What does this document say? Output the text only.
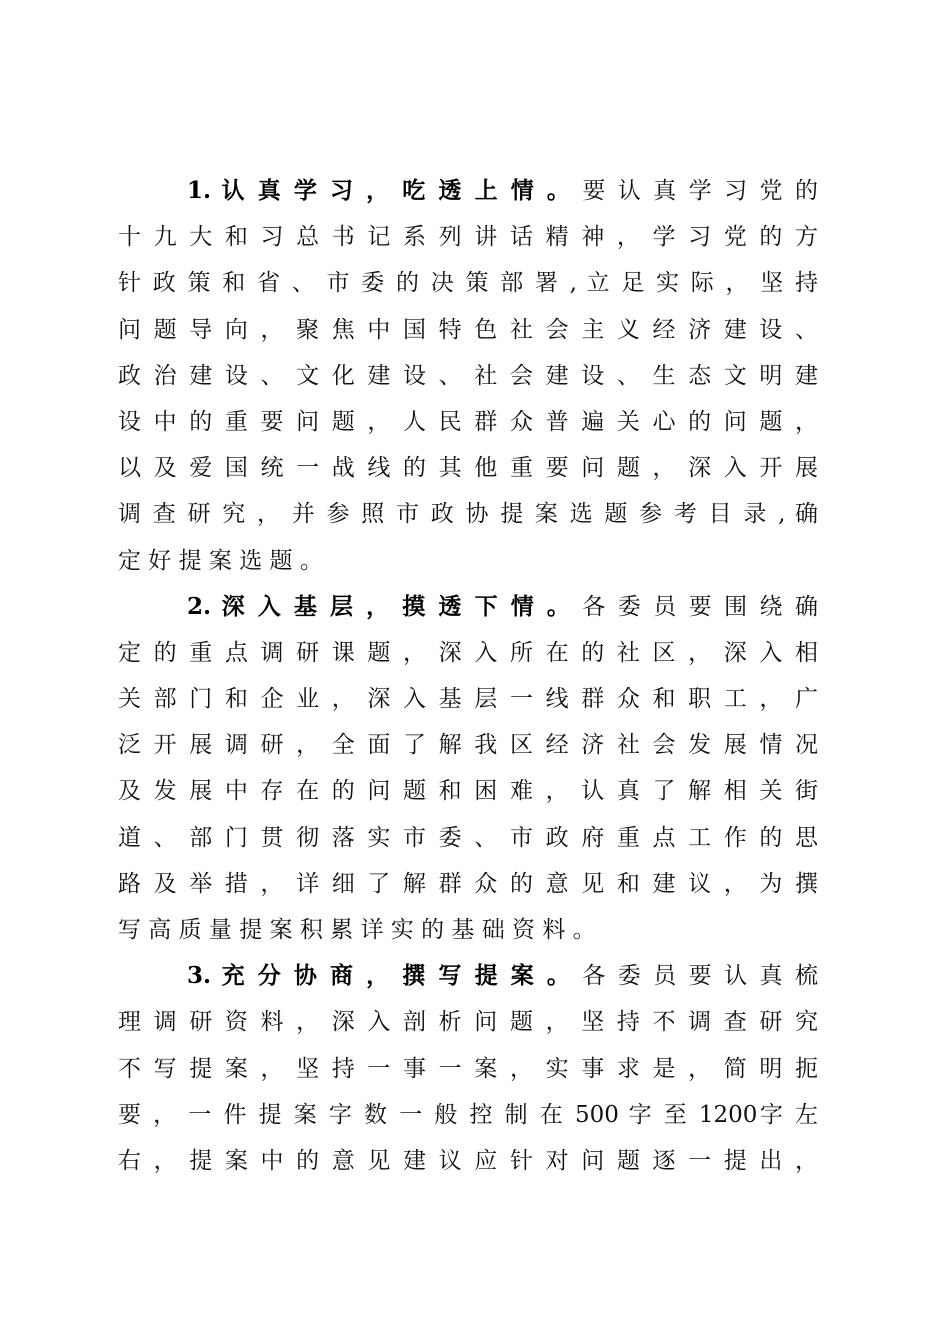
1. 认 真 学 习 ， 吃 透 上 情 。 要 认 真 学 习 党 的
十 九 大 和 习 总 书 记 系 列 讲 话 精 神 ， 学 习 党 的 方
针 政 策 和 省 、 市 委 的 决 策 部 署 , 立 足 实 际 ， 坚 持
问 题 导 向 ， 聚 焦 中 国 特 色 社 会 主 义 经 济 建 设 、
政 治 建 设 、 文 化 建 设 、 社 会 建 设 、 生 态 文 明 建
设 中 的 重 要 问 题 ， 人 民 群 众 普 遍 关 心 的 问 题 ，
以 及 爱 国 统 一 战 线 的 其 他 重 要 问 题 ， 深 入 开 展
调 查 研 究 ， 并 参 照 市 政 协 提 案 选 题 参 考 目 录 , 确
定 好 提 案 选 题 。
2. 深 入 基 层 ， 摸 透 下 情 。 各 委 员 要 围 绕 确
定 的 重 点 调 研 课 题 ， 深 入 所 在 的 社 区 ， 深 入 相
关 部 门 和 企 业 ， 深 入 基 层 一 线 群 众 和 职 工 ， 广
泛 开 展 调 研 ， 全 面 了 解 我 区 经 济 社 会 发 展 情 况
及 发 展 中 存 在 的 问 题 和 困 难 ， 认 真 了 解 相 关 街
道 、 部 门 贯 彻 落 实 市 委 、 市 政 府 重 点 工 作 的 思
路 及 举 措 ， 详 细 了 解 群 众 的 意 见 和 建 议 ， 为 撰
写 高 质 量 提 案 积 累 详 实 的 基 础 资 料 。
3. 充 分 协 商 ， 撰 写 提 案 。 各 委 员 要 认 真 梳
理 调 研 资 料 ， 深 入 剖 析 问 题 ， 坚 持 不 调 查 研 究
不 写 提 案 ， 坚 持 一 事 一 案 ， 实 事 求 是 ， 简 明 扼
要 ， 一 件 提 案 字 数 一 般 控 制 在 500 字 至 1200字 左
右 ， 提 案 中 的 意 见 建 议 应 针 对 问 题 逐 一 提 出 ，
